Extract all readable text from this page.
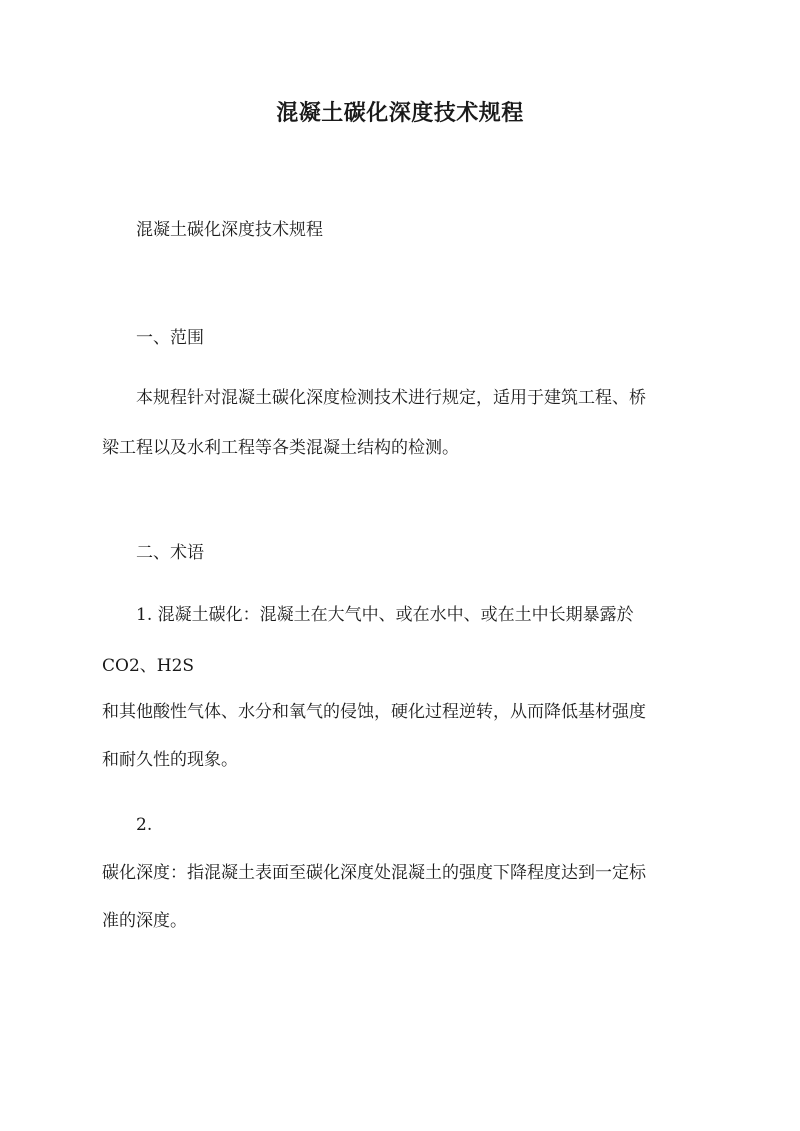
混凝土碳化深度技术规程

混凝土碳化深度技术规程

一、范围

本规程针对混凝土碳化深度检测技术进行规定，适用于建筑工程、桥

梁工程以及水利工程等各类混凝土结构的检测。

二、术语

1. 混凝土碳化：混凝土在大气中、或在水中、或在土中长期暴露於

CO2、H2S

和其他酸性气体、水分和氧气的侵蚀，硬化过程逆转，从而降低基材强度

和耐久性的现象。

2.

碳化深度：指混凝土表面至碳化深度处混凝土的强度下降程度达到一定标

准的深度。
